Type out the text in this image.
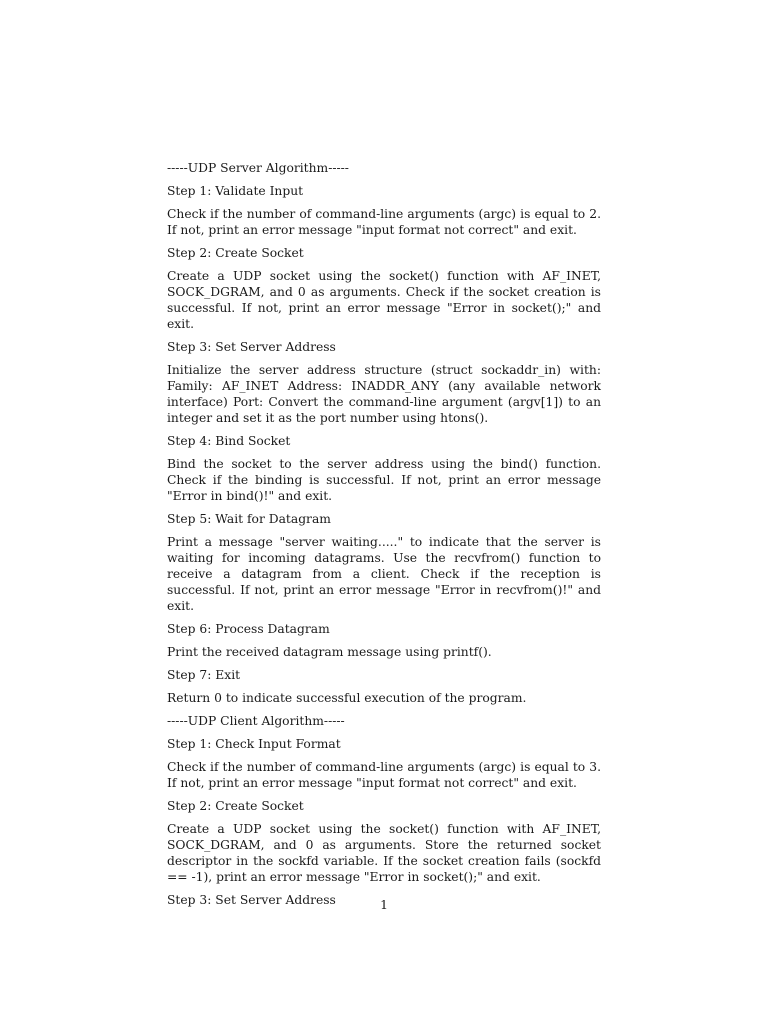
-----UDP Server Algorithm-----

Step 1: Validate Input

Check if the number of command-line arguments (argc) is equal to 2. If not, print an error message "input format not correct" and exit.

Step 2: Create Socket

Create a UDP socket using the socket() function with AF_INET, SOCK_DGRAM, and 0 as arguments. Check if the socket creation is successful. If not, print an error message "Error in socket();" and exit.

Step 3: Set Server Address

Initialize the server address structure (struct sockaddr_in) with: Family: AF_INET Address: INADDR_ANY (any available network interface) Port: Convert the command-line argument (argv[1]) to an integer and set it as the port number using htons().

Step 4: Bind Socket

Bind the socket to the server address using the bind() function. Check if the binding is successful. If not, print an error message "Error in bind()!" and exit.

Step 5: Wait for Datagram

Print a message "server waiting....." to indicate that the server is waiting for incoming datagrams. Use the recvfrom() function to receive a datagram from a client. Check if the reception is successful. If not, print an error message "Error in recvfrom()!" and exit.

Step 6: Process Datagram

Print the received datagram message using printf().

Step 7: Exit

Return 0 to indicate successful execution of the program.

-----UDP Client Algorithm-----

Step 1: Check Input Format

Check if the number of command-line arguments (argc) is equal to 3. If not, print an error message "input format not correct" and exit.

Step 2: Create Socket

Create a UDP socket using the socket() function with AF_INET, SOCK_DGRAM, and 0 as arguments. Store the returned socket descriptor in the sockfd variable. If the socket creation fails (sockfd == -1), print an error message "Error in socket();" and exit.

Step 3: Set Server Address	1
